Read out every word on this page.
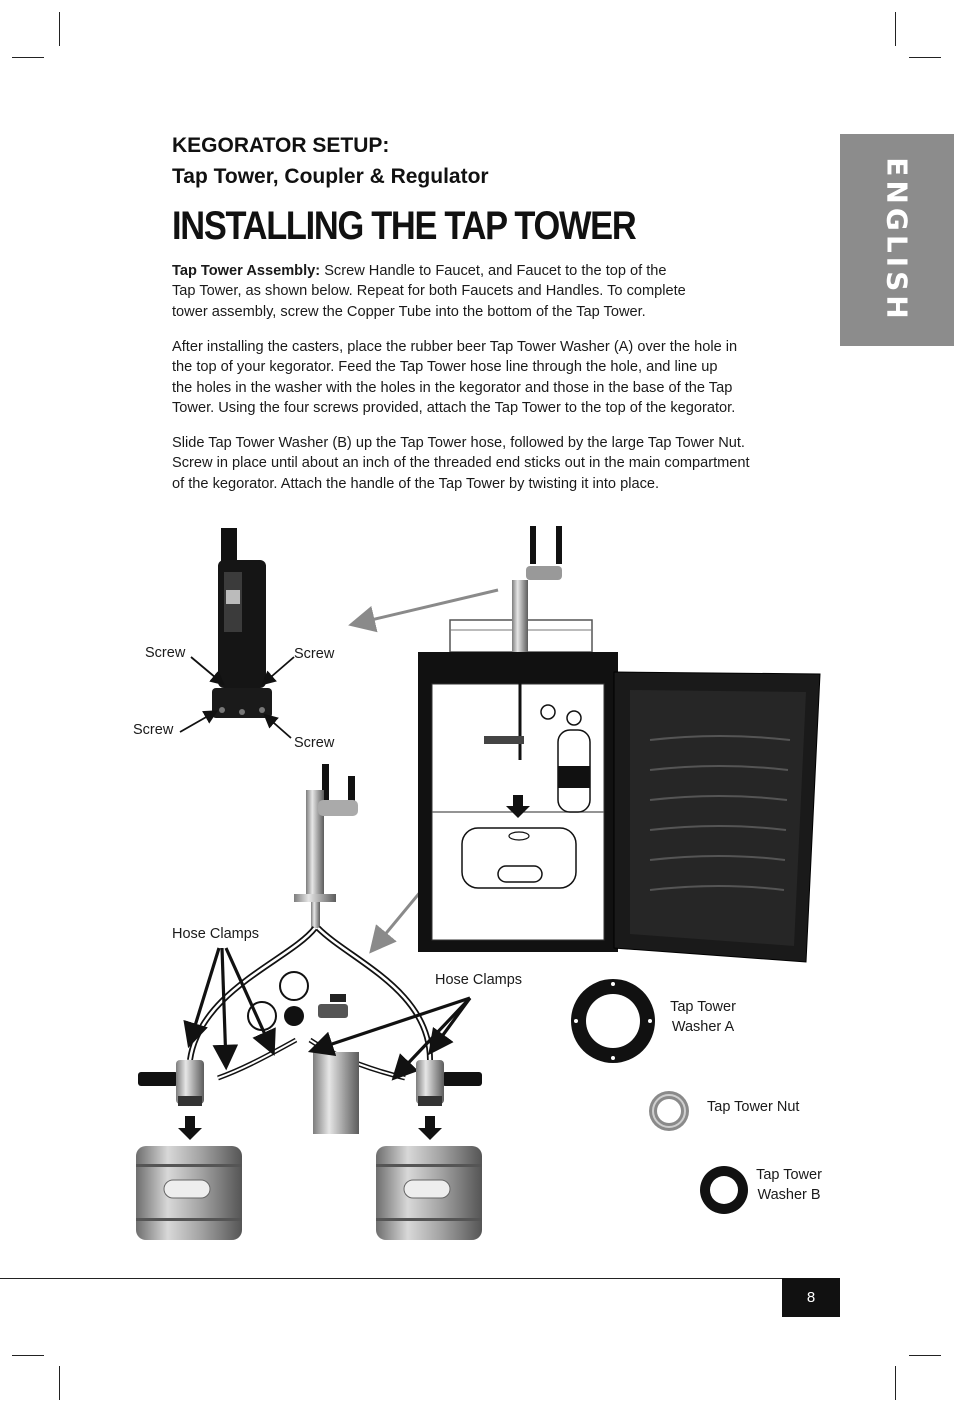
ENGLISH
KEGORATOR SETUP:
Tap Tower, Coupler & Regulator
INSTALLING THE TAP TOWER
Tap Tower Assembly: Screw Handle to Faucet, and Faucet to the top of the
Tap Tower, as shown below. Repeat for both Faucets and Handles. To complete
tower assembly, screw the Copper Tube into the bottom of the Tap Tower.
After installing the casters, place the rubber beer Tap Tower Washer (A) over the hole in
the top of your kegorator. Feed the Tap Tower hose line through the hole, and line up
the holes in the washer with the holes in the kegorator and those in the base of the Tap
Tower. Using the four screws provided, attach the Tap Tower to the top of the kegorator.
Slide Tap Tower Washer (B) up the Tap Tower hose, followed by the large Tap Tower Nut.
Screw in place until about an inch of the threaded end sticks out in the main compartment
of the kegorator. Attach the handle of the Tap Tower by twisting it into place.
Screw	Screw
Screw
Screw
Hose Clamps
Hose Clamps
Tap Tower
Washer A
Tap Tower Nut
Tap Tower
Washer B
8
